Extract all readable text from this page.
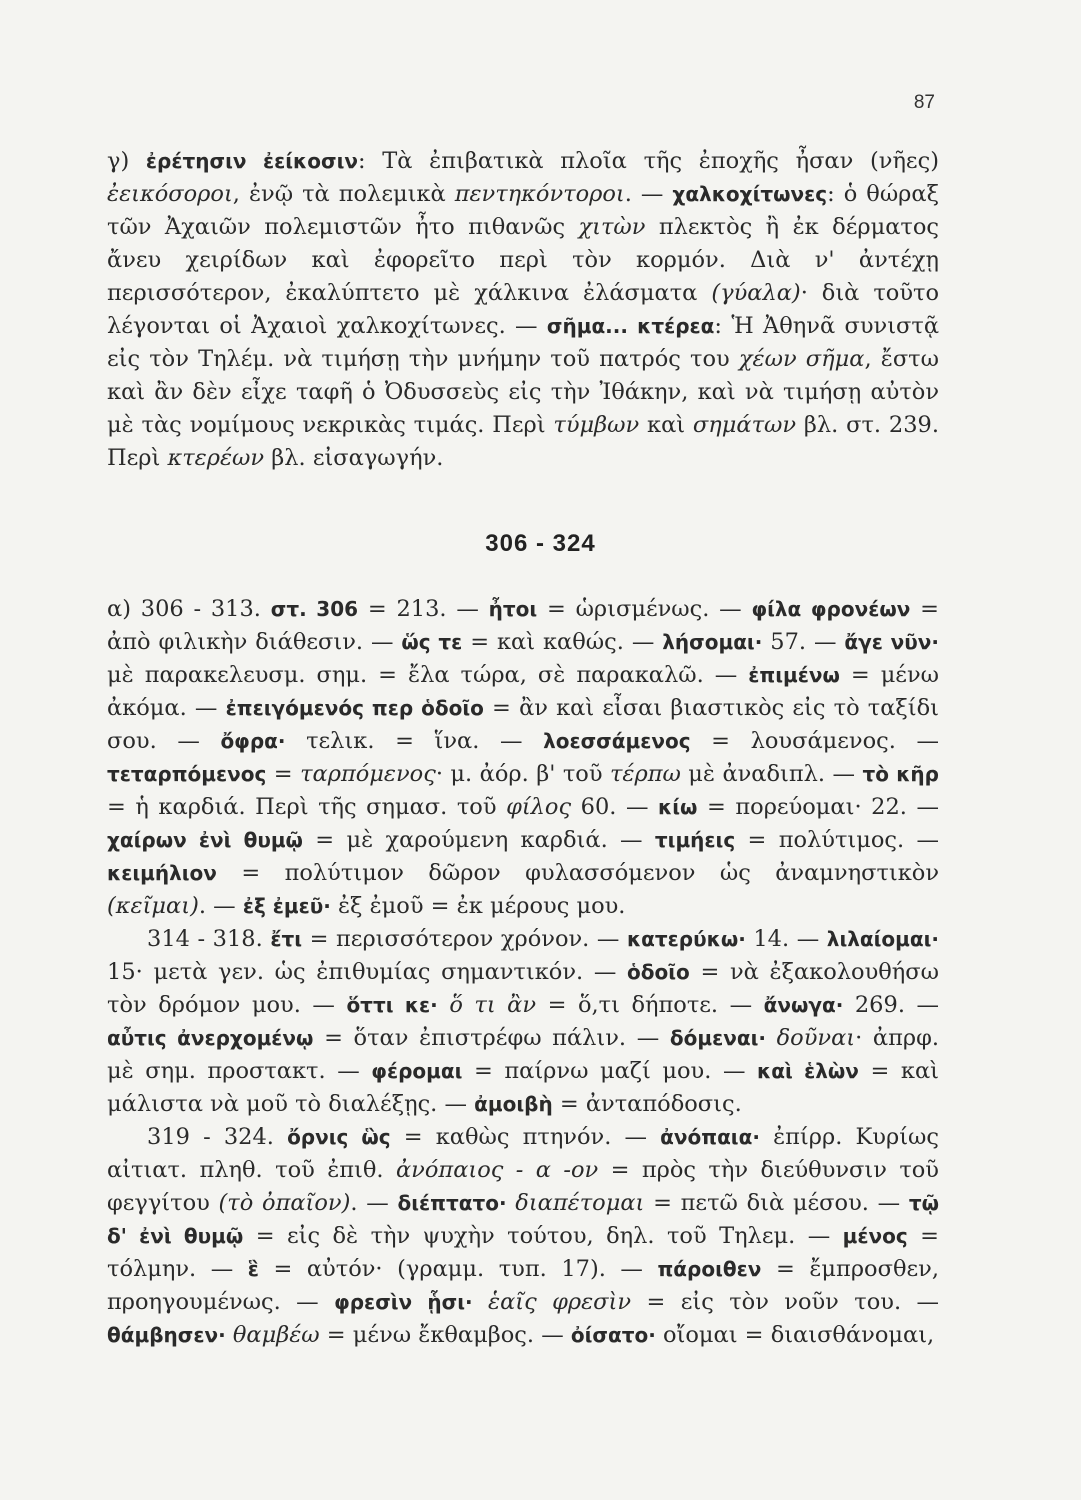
87

γ) ἐρέτησιν ἐείκοσιν: Τὰ ἐπιβατικὰ πλοῖα τῆς ἐποχῆς ἦσαν (νῆες) ἐεικόσοροι, ἐνῷ τὰ πολεμικὰ πεντηκόντοροι. — χαλκοχίτωνες: ὁ θώραξ τῶν Ἀχαιῶν πολεμιστῶν ἦτο πιθανῶς χιτὼν πλεκτὸς ἢ ἐκ δέρματος ἄνευ χειρίδων καὶ ἐφορεῖτο περὶ τὸν κορμόν. Διὰ ν' ἀντέχῃ περισσότερον, ἐκαλύπτετο μὲ χάλκινα ἐλάσματα (γύαλα)· διὰ τοῦτο λέγονται οἱ Ἀχαιοὶ χαλκοχίτωνες. — σῆμα... κτέρεα: Ἡ Ἀθηνᾶ συνιστᾷ εἰς τὸν Τηλέμ. νὰ τιμήσῃ τὴν μνήμην τοῦ πατρός του χέων σῆμα, ἔστω καὶ ἂν δὲν εἶχε ταφῆ ὁ Ὀδυσσεὺς εἰς τὴν Ἰθάκην, καὶ νὰ τιμήσῃ αὐτὸν μὲ τὰς νομίμους νεκρικὰς τιμάς. Περὶ τύμβων καὶ σημάτων βλ. στ. 239. Περὶ κτερέων βλ. εἰσαγωγήν.

306 - 324

α) 306 - 313. στ. 306 = 213. — ἦτοι = ὡρισμένως. — φίλα φρονέων = ἀπὸ φιλικὴν διάθεσιν. — ὥς τε = καὶ καθώς. — λήσομαι· 57. — ἄγε νῦν· μὲ παρακελευσμ. σημ. = ἔλα τώρα, σὲ παρακαλῶ. — ἐπιμένω = μένω ἀκόμα. — ἐπειγόμενός περ ὁδοῖο = ἂν καὶ εἶσαι βιαστικὸς εἰς τὸ ταξίδι σου. — ὄφρα· τελικ. = ἵνα. — λοεσσάμενος = λουσάμενος. — τεταρπόμενος = ταρπόμενος· μ. ἀόρ. β' τοῦ τέρπω μὲ ἀναδιπλ. — τὸ κῆρ = ἡ καρδιά. Περὶ τῆς σημασ. τοῦ φίλος 60. — κίω = πορεύομαι· 22. — χαίρων ἐνὶ θυμῷ = μὲ χαρούμενη καρδιά. — τιμήεις = πολύτιμος. — κειμήλιον = πολύτιμον δῶρον φυλασσόμενον ὡς ἀναμνηστικὸν (κεῖμαι). — ἐξ ἐμεῦ· ἐξ ἐμοῦ = ἐκ μέρους μου.

314 - 318. ἔτι = περισσότερον χρόνον. — κατερύκω· 14. — λιλαίομαι· 15· μετὰ γεν. ὡς ἐπιθυμίας σημαντικόν. — ὁδοῖο = νὰ ἐξακολουθήσω τὸν δρόμον μου. — ὅττι κε· ὅ τι ἂν = ὅ,τι δήποτε. — ἄνωγα· 269. — αὖτις ἀνερχομένῳ = ὅταν ἐπιστρέφω πάλιν. — δόμεναι· δοῦναι· ἀπρφ. μὲ σημ. προστακτ. — φέρομαι = παίρνω μαζί μου. — καὶ ἑλὼν = καὶ μάλιστα νὰ μοῦ τὸ διαλέξῃς. — ἀμοιβὴ = ἀνταπόδοσις.

319 - 324. ὄρνις ὣς = καθὼς πτηνόν. — ἀνόπαια· ἐπίρρ. Κυρίως αἰτιατ. πληθ. τοῦ ἐπιθ. ἀνόπαιος - α -ον = πρὸς τὴν διεύθυνσιν τοῦ φεγγίτου (τὸ ὀπαῖον). — διέπτατο· διαπέτομαι = πετῶ διὰ μέσου. — τῷ δ' ἐνὶ θυμῷ = εἰς δὲ τὴν ψυχὴν τούτου, δηλ. τοῦ Τηλεμ. — μένος = τόλμην. — ἓ = αὐτόν· (γραμμ. τυπ. 17). — πάροιθεν = ἔμπροσθεν, προηγουμένως. — φρεσὶν ᾗσι· ἑαῖς φρεσὶν = εἰς τὸν νοῦν του. — θάμβησεν· θαμβέω = μένω ἔκθαμβος. — ὀίσατο· οἴομαι = διαισθάνομαι,
